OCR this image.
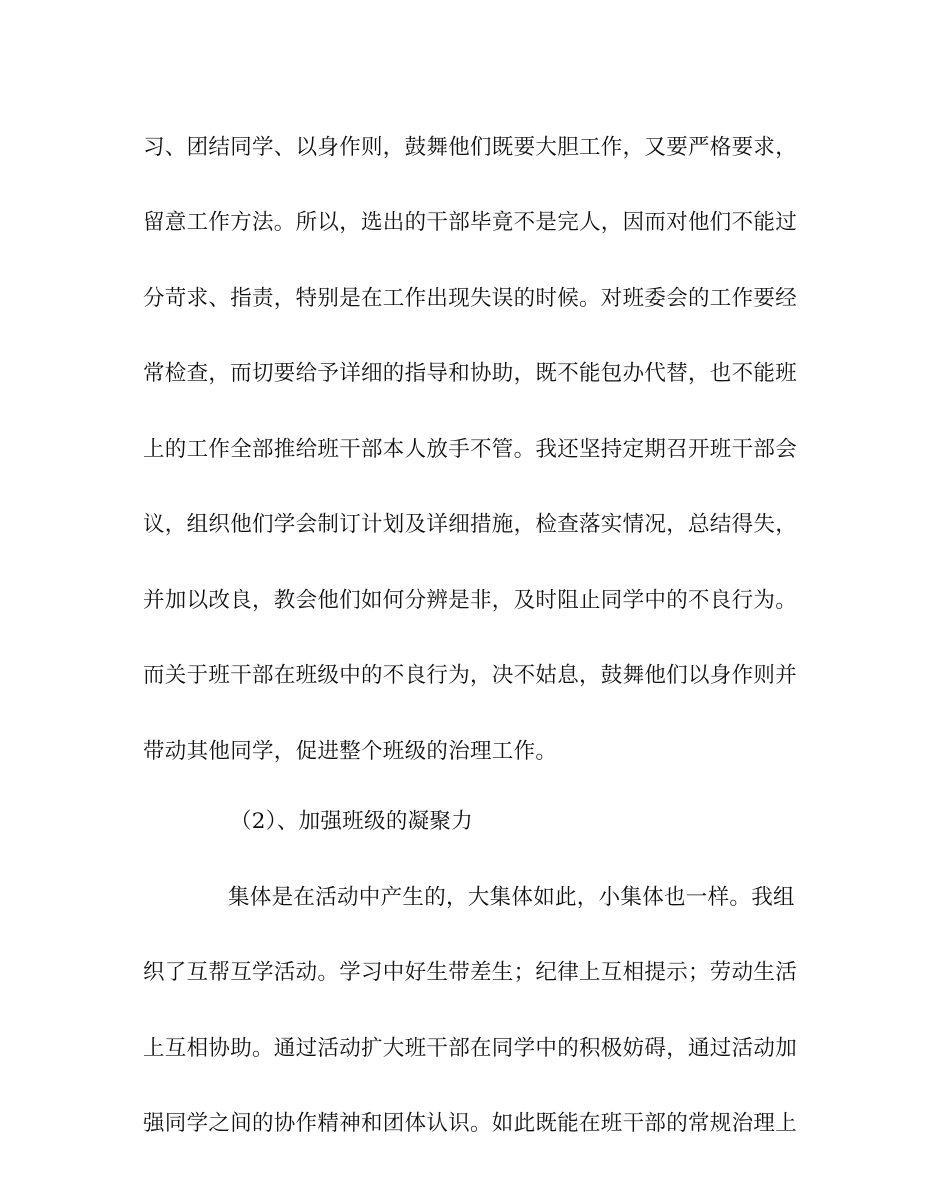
习、团结同学、以身作则，鼓舞他们既要大胆工作，又要严格要求，
留意工作方法。所以，选出的干部毕竟不是完人，因而对他们不能过
分苛求、指责，特别是在工作出现失误的时候。对班委会的工作要经
常检查，而切要给予详细的指导和协助，既不能包办代替，也不能班
上的工作全部推给班干部本人放手不管。我还坚持定期召开班干部会
议，组织他们学会制订计划及详细措施，检查落实情况，总结得失，
并加以改良，教会他们如何分辨是非，及时阻止同学中的不良行为。
而关于班干部在班级中的不良行为，决不姑息，鼓舞他们以身作则并
带动其他同学，促进整个班级的治理工作。
（2）、加强班级的凝聚力
集体是在活动中产生的，大集体如此，小集体也一样。我组
织了互帮互学活动。学习中好生带差生；纪律上互相提示；劳动生活
上互相协助。通过活动扩大班干部在同学中的积极妨碍，通过活动加
强同学之间的协作精神和团体认识。如此既能在班干部的常规治理上
